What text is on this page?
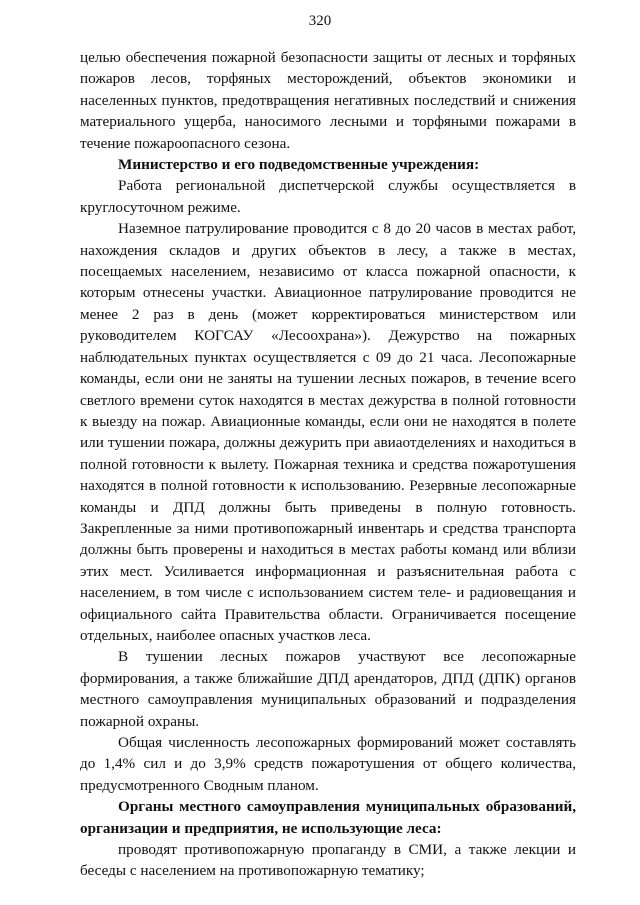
320

целью обеспечения пожарной безопасности защиты от лесных и торфяных пожаров лесов, торфяных месторождений, объектов экономики и населенных пунктов, предотвращения негативных последствий и снижения материального ущерба, наносимого лесными и торфяными пожарами в течение пожароопасного сезона.

Министерство и его подведомственные учреждения:

Работа региональной диспетчерской службы осуществляется в круглосуточном режиме.

Наземное патрулирование проводится с 8 до 20 часов в местах работ, нахождения складов и других объектов в лесу, а также в местах, посещаемых населением, независимо от класса пожарной опасности, к которым отнесены участки. Авиационное патрулирование проводится не менее 2 раз в день (может корректироваться министерством или руководителем КОГСАУ «Лесоохрана»). Дежурство на пожарных наблюдательных пунктах осуществляется с 09 до 21 часа. Лесопожарные команды, если они не заняты на тушении лесных пожаров, в течение всего светлого времени суток находятся в местах дежурства в полной готовности к выезду на пожар. Авиационные команды, если они не находятся в полете или тушении пожара, должны дежурить при авиаотделениях и находиться в полной готовности к вылету. Пожарная техника и средства пожаротушения находятся в полной готовности к использованию. Резервные лесопожарные команды и ДПД должны быть приведены в полную готовность. Закрепленные за ними противопожарный инвентарь и средства транспорта должны быть проверены и находиться в местах работы команд или вблизи этих мест. Усиливается информационная и разъяснительная работа с населением, в том числе с использованием систем теле- и радиовещания и официального сайта Правительства области. Ограничивается посещение отдельных, наиболее опасных участков леса.

В тушении лесных пожаров участвуют все лесопожарные формирования, а также ближайшие ДПД арендаторов, ДПД (ДПК) органов местного самоуправления муниципальных образований и подразделения пожарной охраны.

Общая численность лесопожарных формирований может составлять до 1,4% сил и до 3,9% средств пожаротушения от общего количества, предусмотренного Сводным планом.

Органы местного самоуправления муниципальных образований, организации и предприятия, не использующие леса:

проводят противопожарную пропаганду в СМИ, а также лекции и беседы с населением на противопожарную тематику;
